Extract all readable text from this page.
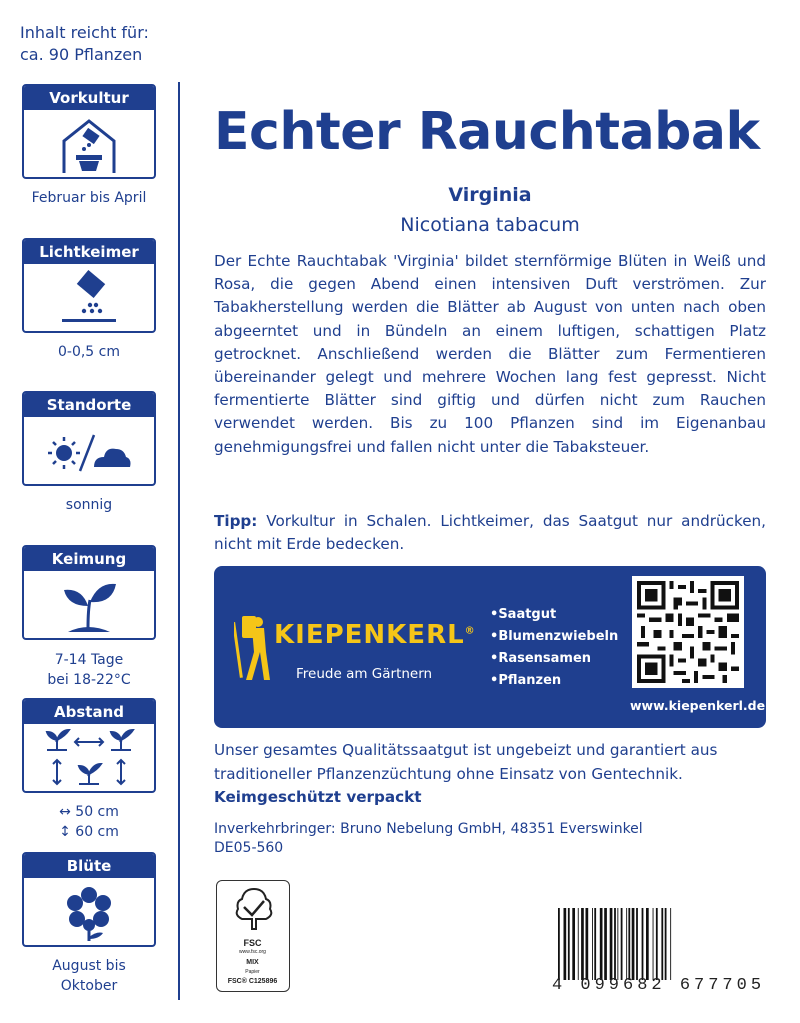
Inhalt reicht für:
ca. 90 Pflanzen
Vorkultur
Februar bis April
Lichtkeimer
0-0,5 cm
Standorte
sonnig
Keimung
7-14 Tage
bei 18-22°C
Abstand
↔ 50 cm
↕ 60 cm
Blüte
August bis
Oktober
Echter Rauchtabak
Virginia
Nicotiana tabacum

Der Echte Rauchtabak 'Virginia' bildet sternförmige Blüten in Weiß und Rosa, die gegen Abend einen intensiven Duft verströmen. Zur Tabakherstellung werden die Blätter ab August von unten nach oben abgeerntet und in Bündeln an einem luftigen, schattigen Platz getrocknet. Anschließend werden die Blätter zum Fermentieren übereinander gelegt und mehrere Wochen lang fest gepresst. Nicht fermentierte Blätter sind giftig und dürfen nicht zum Rauchen verwendet werden. Bis zu 100 Pflanzen sind im Eigenanbau genehmigungsfrei und fallen nicht unter die Tabaksteuer.

Tipp: Vorkultur in Schalen. Lichtkeimer, das Saatgut nur andrücken, nicht mit Erde bedecken.

KIEPENKERL®
Freude am Gärtnern
• Saatgut
• Blumenzwiebeln
• Rasensamen
• Pflanzen
www.kiepenkerl.de

Unser gesamtes Qualitätssaatgut ist ungebeizt und garantiert aus traditioneller Pflanzenzüchtung ohne Einsatz von Gentechnik.

Keimgeschützt verpackt
Inverkehrbringer: Bruno Nebelung GmbH, 48351 Everswinkel
DE05-560
FSC
www.fsc.org
MIX
Papier
FSC® C125896	4 099682 677705
